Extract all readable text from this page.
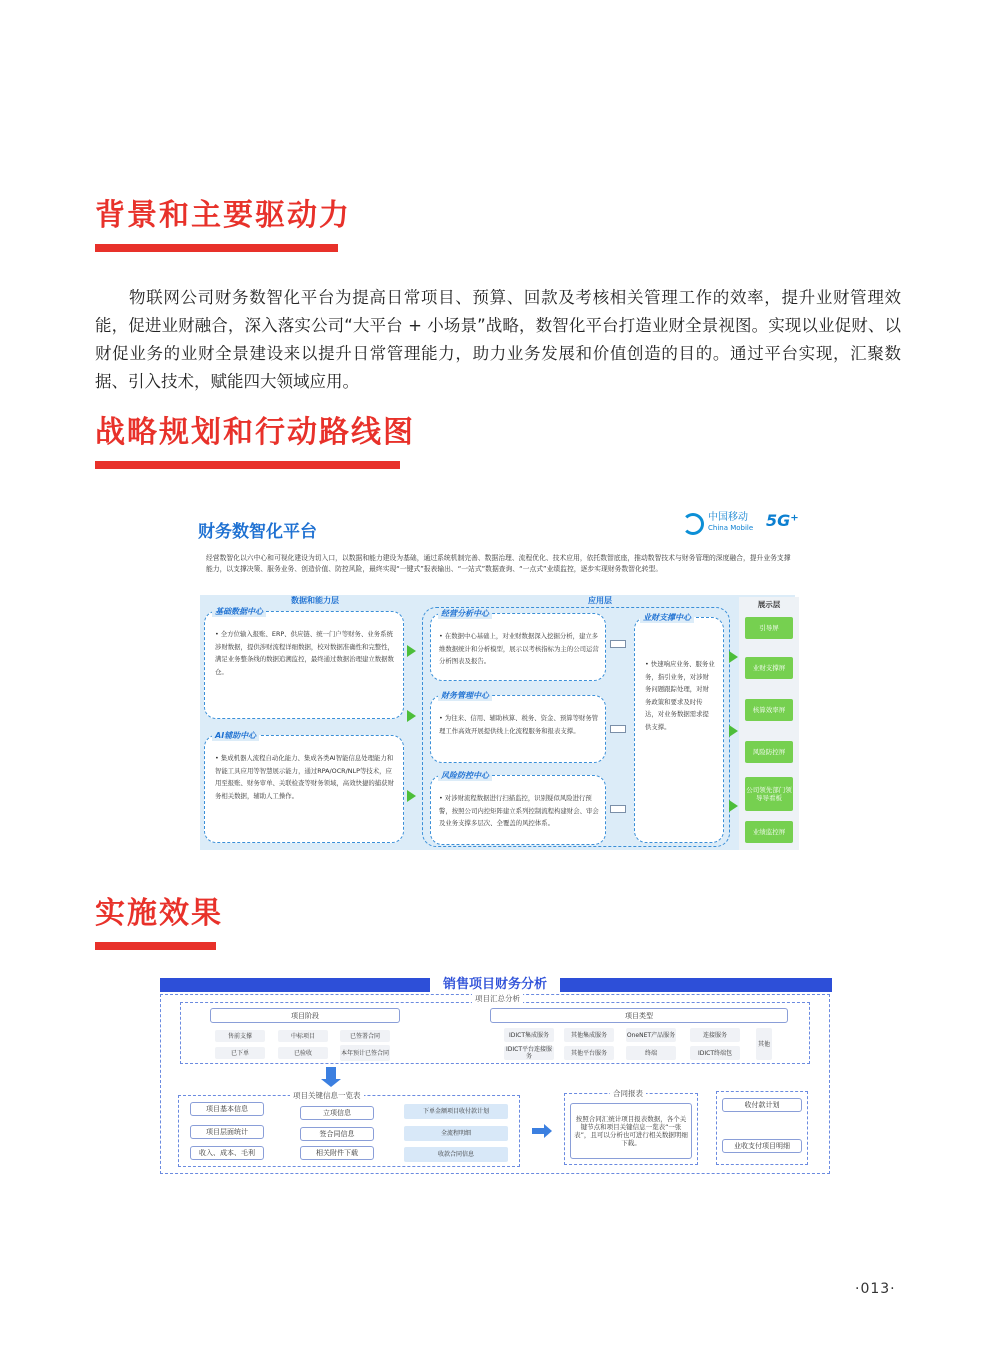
背景和主要驱动力
物联网公司财务数智化平台为提高日常项目、预算、回款及考核相关管理工作的效率，提升业财管理效能，促进业财融合，深入落实公司“大平台 + 小场景”战略，数智化平台打造业财全景视图。实现以业促财、以财促业务的业财全景建设来以提升日常管理能力，助力业务发展和价值创造的目的。通过平台实现，汇聚数据、引入技术，赋能四大领域应用。
战略规划和行动路线图
财务数智化平台
中国移动
China Mobile 5G⁺
经营数智化以六中心和可视化建设为切入口，以数据和能力建设为基础，通过系统机制完善、数据治理、流程优化、技术应用，依托数智底座，推动数智技术与财务管理的深度融合，提升业务支撑能力，以支撑决策、服务业务、创造价值、防控风险，最终实现“一键式”报表输出、“一站式”数据查询、“一点式”业绩监控，逐步实现财务数智化转型。
数据和能力层	应用层
• 全方位输入报账、ERP、供应链、统一门户等财务、业务系统涉财数据，提供涉财流程详细数据，校对数据准确性和完整性，满足业务整条线的数据追溯监控，最终通过数据治理建立数据数仓。
基础数据中心
• 集成机器人流程自动化能力、集成各类AI智能信息处理能力和智能工具应用等智慧展示能力，通过RPA/OCR/NLP等技术，应用至报账、财务审单、关联检查等财务领域，高效快捷的捕获财务相关数据，辅助人工操作。
AI辅助中心
• 在数据中心基础上，对业财数据深入挖掘分析，建立多维数据统计和分析模型，展示以考核指标为主的公司运营分析图表及报告。
经营分析中心
• 为往来、信用、辅助核算、税务、资金、预算等财务管理工作高效开展提供线上化流程服务和报表支撑。
财务管理中心
• 对涉财流程数据进行扫描监控，识别疑似风险进行预警，按照公司内控矩阵建立系列控制流程构建财会、审会及业务支撑多层次、全覆盖的风控体系。
风险防控中心
• 快速响应业务、服务业务，指引业务，对涉财务问题跟踪处理，对财务政策和要求及时传达，对业务数据需求提供支撑。
业财支撑中心
展示层
引导屏
业财支撑屏
核算效率屏
风险防控屏
公司领先部门领导导看板
业绩监控屏
实施效果
销售项目财务分析
项目汇总分析
项目阶段	项目类型
售前支撑	中标项目	已签署合同
已下单	已验收	本年预计已签合同
IDICT集成服务	其他集成服务	OneNET产品服务	连接服务
IDICT平台连接服务	其他平台服务	终端	IDICT终端包
其他
项目关键信息一览表
项目基本信息
项目层面统计
收入、成本、毛利
立项信息
签合同信息
相关附件下载
下单金额项目收付款计划
全流程明细
收款合同信息
合同报表
按照合同汇统计项目报表数据，各个关键节点和项目关键信息一览表“一张表”，且可以分析也可进行相关数据明细下载。
收付款计划
业收支付项目明细
·013·
